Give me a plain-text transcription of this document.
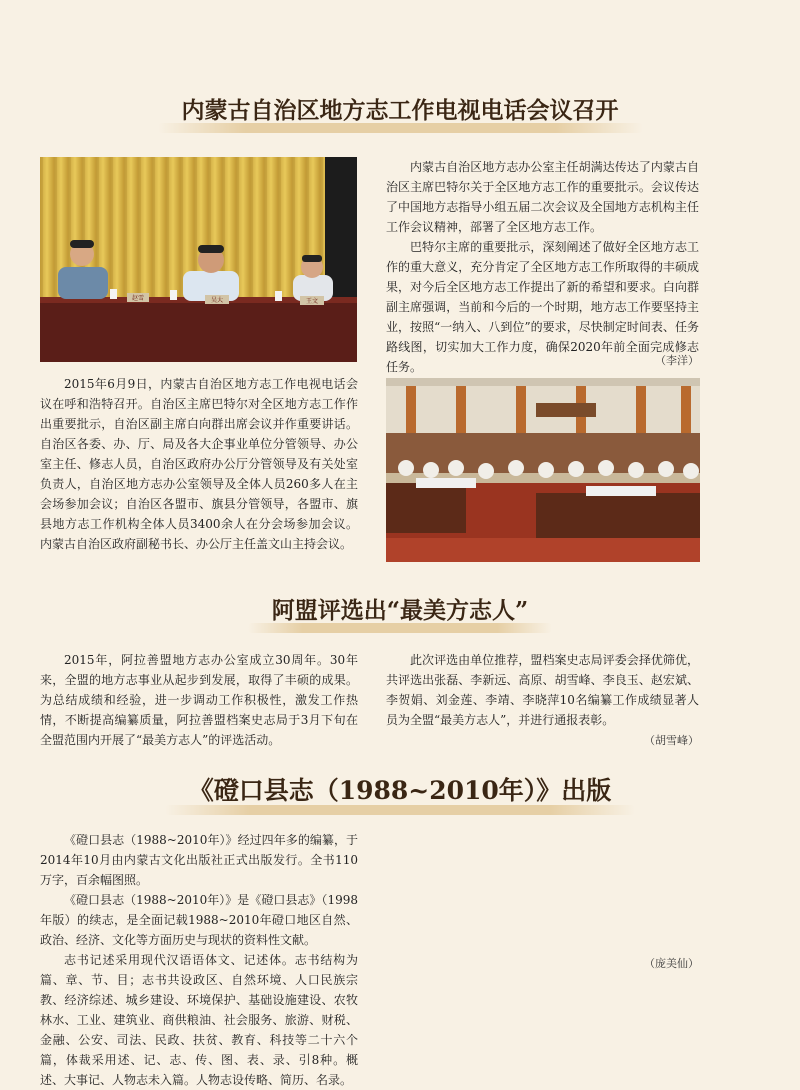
内蒙古自治区地方志工作电视电话会议召开
赵雪	吴大	王文

2015年6月9日，内蒙古自治区地方志工作电视电话会议在呼和浩特召开。自治区主席巴特尔对全区地方志工作作出重要批示，自治区副主席白向群出席会议并作重要讲话。自治区各委、办、厅、局及各大企事业单位分管领导、办公室主任、修志人员，自治区政府办公厅分管领导及有关处室负责人，自治区地方志办公室领导及全体人员260多人在主会场参加会议；自治区各盟市、旗县分管领导，各盟市、旗县地方志工作机构全体人员3400余人在分会场参加会议。内蒙古自治区政府副秘书长、办公厅主任盖文山主持会议。

内蒙古自治区地方志办公室主任胡满达传达了内蒙古自治区主席巴特尔关于全区地方志工作的重要批示。会议传达了中国地方志指导小组五届二次会议及全国地方志机构主任工作会议精神，部署了全区地方志工作。

巴特尔主席的重要批示，深刻阐述了做好全区地方志工作的重大意义，充分肯定了全区地方志工作所取得的丰硕成果，对今后全区地方志工作提出了新的希望和要求。白向群副主席强调，当前和今后的一个时期，地方志工作要坚持主业，按照“一纳入、八到位”的要求，尽快制定时间表、任务路线图，切实加大工作力度，确保2020年前全面完成修志任务。	（李洋）
阿盟评选出“最美方志人”

2015年，阿拉善盟地方志办公室成立30周年。30年来，全盟的地方志事业从起步到发展，取得了丰硕的成果。为总结成绩和经验，进一步调动工作积极性，激发工作热情，不断提高编纂质量，阿拉善盟档案史志局于3月下旬在全盟范围内开展了“最美方志人”的评选活动。

此次评选由单位推荐，盟档案史志局评委会择优筛优，共评选出张磊、李新远、高原、胡雪峰、李良玉、赵宏斌、李贺娟、刘金莲、李靖、李晓萍10名编纂工作成绩显著人员为全盟“最美方志人”，并进行通报表彰。

（胡雪峰）
《磴口县志（1988~2010年）》出版

《磴口县志（1988~2010年）》经过四年多的编纂，于2014年10月由内蒙古文化出版社正式出版发行。全书110万字，百余幅图照。

《磴口县志（1988~2010年）》是《磴口县志》（1998年版）的续志，是全面记载1988~2010年磴口地区自然、政治、经济、文化等方面历史与现状的资料性文献。

志书记述采用现代汉语语体文、记述体。志书结构为篇、章、节、目；志书共设政区、自然环境、人口民族宗教、经济综述、城乡建设、环境保护、基础设施建设、农牧林水、工业、建筑业、商供粮油、社会服务、旅游、财税、金融、公安、司法、民政、扶贫、教育、科技等二十六个篇，体裁采用述、记、志、传、图、表、录、引8种。概述、大事记、人物志未入篇。人物志设传略、简历、名录。

（庞美仙）
